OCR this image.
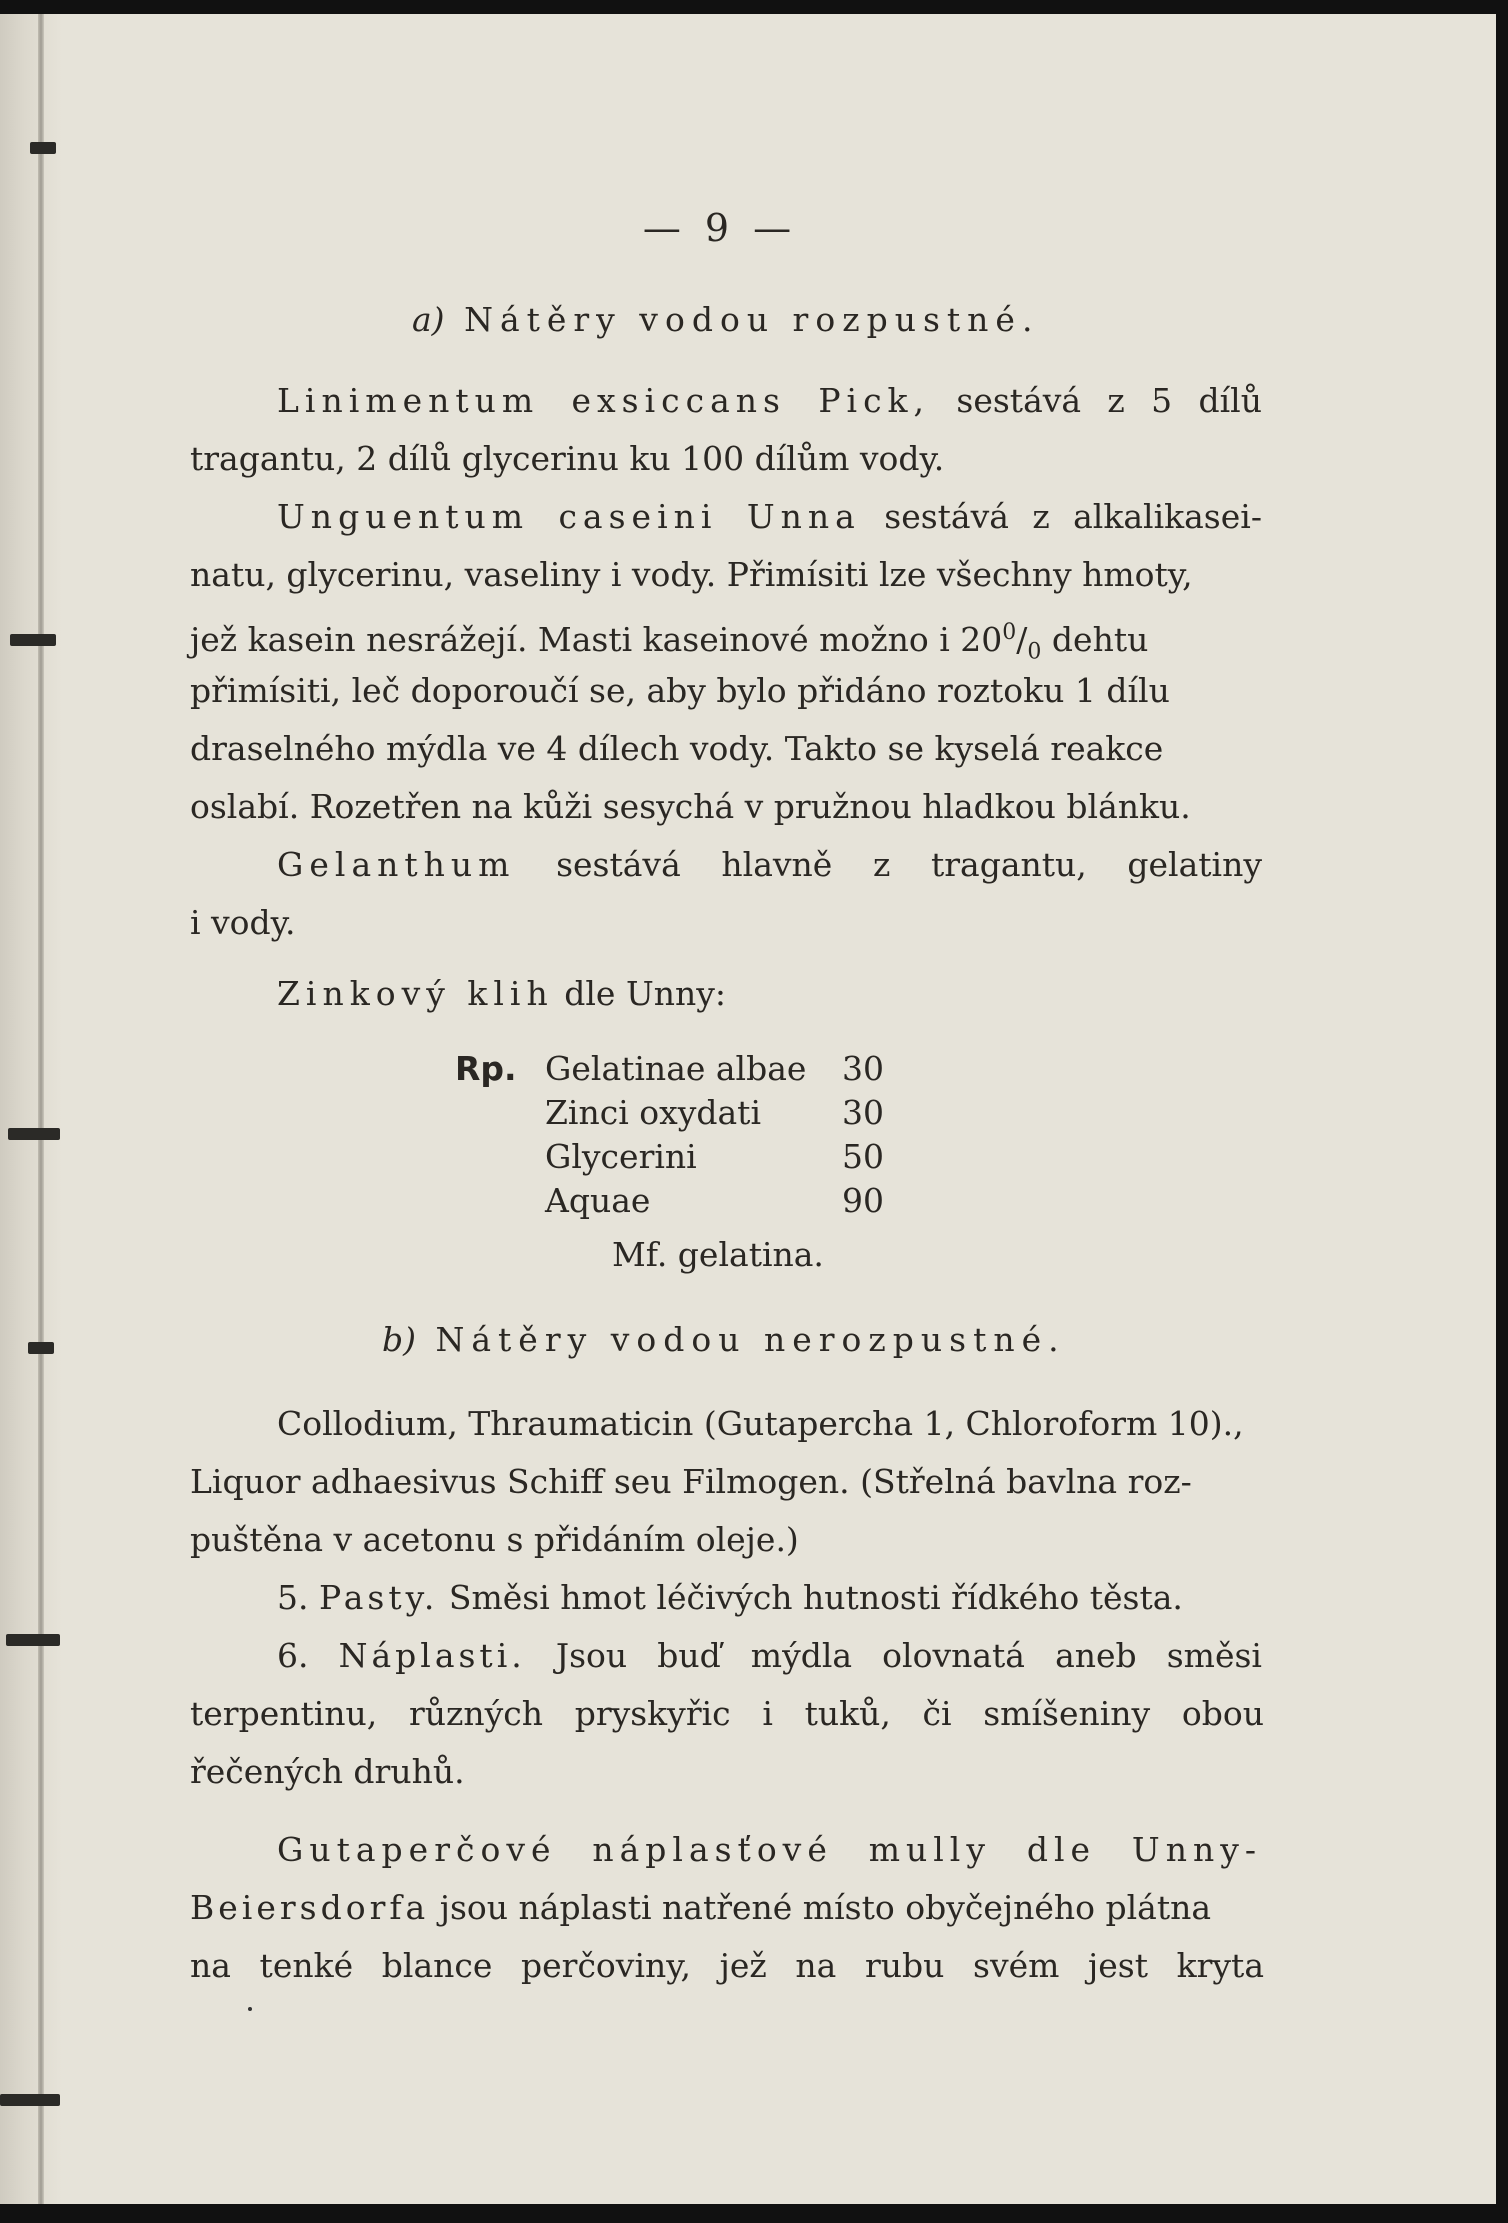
— 9 —
a) Nátěry vodou rozpustné.
Linimentum exsiccans Pick, sestává z 5 dílů
tragantu, 2 dílů glycerinu ku 100 dílům vody.
Unguentum caseini Unna sestává z alkalikasei-
natu, glycerinu, vaseliny i vody. Přimísiti lze všechny hmoty,
jež kasein nesrážejí. Masti kaseinové možno i $20^0/_0$ dehtu
přimísiti, leč doporoučí se, aby bylo přidáno roztoku 1 dílu
draselného mýdla ve 4 dílech vody. Takto se kyselá reakce
oslabí. Rozetřen na kůži sesychá v pružnou hladkou blánku.
Gelanthum sestává hlavně z tragantu, gelatiny
i vody.
Zinkový klih dle Unny:
Rp. Gelatinae albae 30
Zinci oxydati 30
Glycerini	50
Aquae	90
Mf. gelatina.
b) Nátěry vodou nerozpustné.
Collodium, Thraumaticin (Gutapercha 1, Chloroform 10).,
Liquor adhaesivus Schiff seu Filmogen. (Střelná bavlna roz-
puštěna v acetonu s přidáním oleje.)
5. Pasty. Směsi hmot léčivých hutnosti řídkého těsta.
6. Náplasti. Jsou buď mýdla olovnatá aneb směsi
terpentinu, různých pryskyřic i tuků, či smíšeniny obou
řečených druhů.
Gutaperčové náplasťové mully dle Unny-
Beiersdorfa jsou náplasti natřené místo obyčejného plátna
na tenké blance perčoviny, jež na rubu svém jest kryta
